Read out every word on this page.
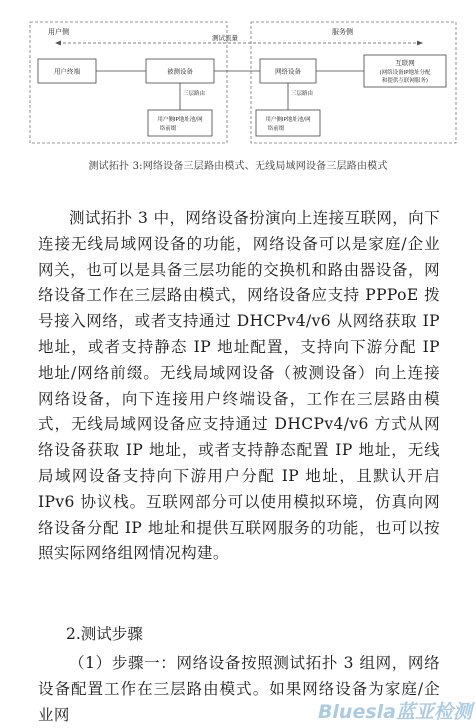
用户侧	服务侧
测试流量
用户终端	被测设备	网络设备
互联网
(网络设备IP地址分配
和提供互联网服务)
三层路由	三层路由
用户侧IP地址池/网
络前缀
用户侧IP地址池/网
络前缀
测试拓扑 3:网络设备三层路由模式、无线局域网设备三层路由模式

测试拓扑 3 中，网络设备扮演向上连接互联网，向下连接无线局域网设备的功能，网络设备可以是家庭/企业网关，也可以是具备三层功能的交换机和路由器设备，网络设备工作在三层路由模式，网络设备应支持 PPPoE 拨号接入网络，或者支持通过 DHCPv4/v6 从网络获取 IP 地址，或者支持静态 IP 地址配置，支持向下游分配 IP 地址/网络前缀。无线局域网设备（被测设备）向上连接网络设备，向下连接用户终端设备，工作在三层路由模式，无线局域网设备应支持通过 DHCPv4/v6 方式从网络设备获取 IP 地址，或者支持静态配置 IP 地址，无线局域网设备支持向下游用户分配 IP 地址，且默认开启 IPv6 协议栈。互联网部分可以使用模拟环境，仿真向网络设备分配 IP 地址和提供互联网服务的功能，也可以按照实际网络组网情况构建。

2.测试步骤

（1）步骤一：网络设备按照测试拓扑 3 组网，网络设备配置工作在三层路由模式。如果网络设备为家庭/企业网	Bluesla蓝亚检测
